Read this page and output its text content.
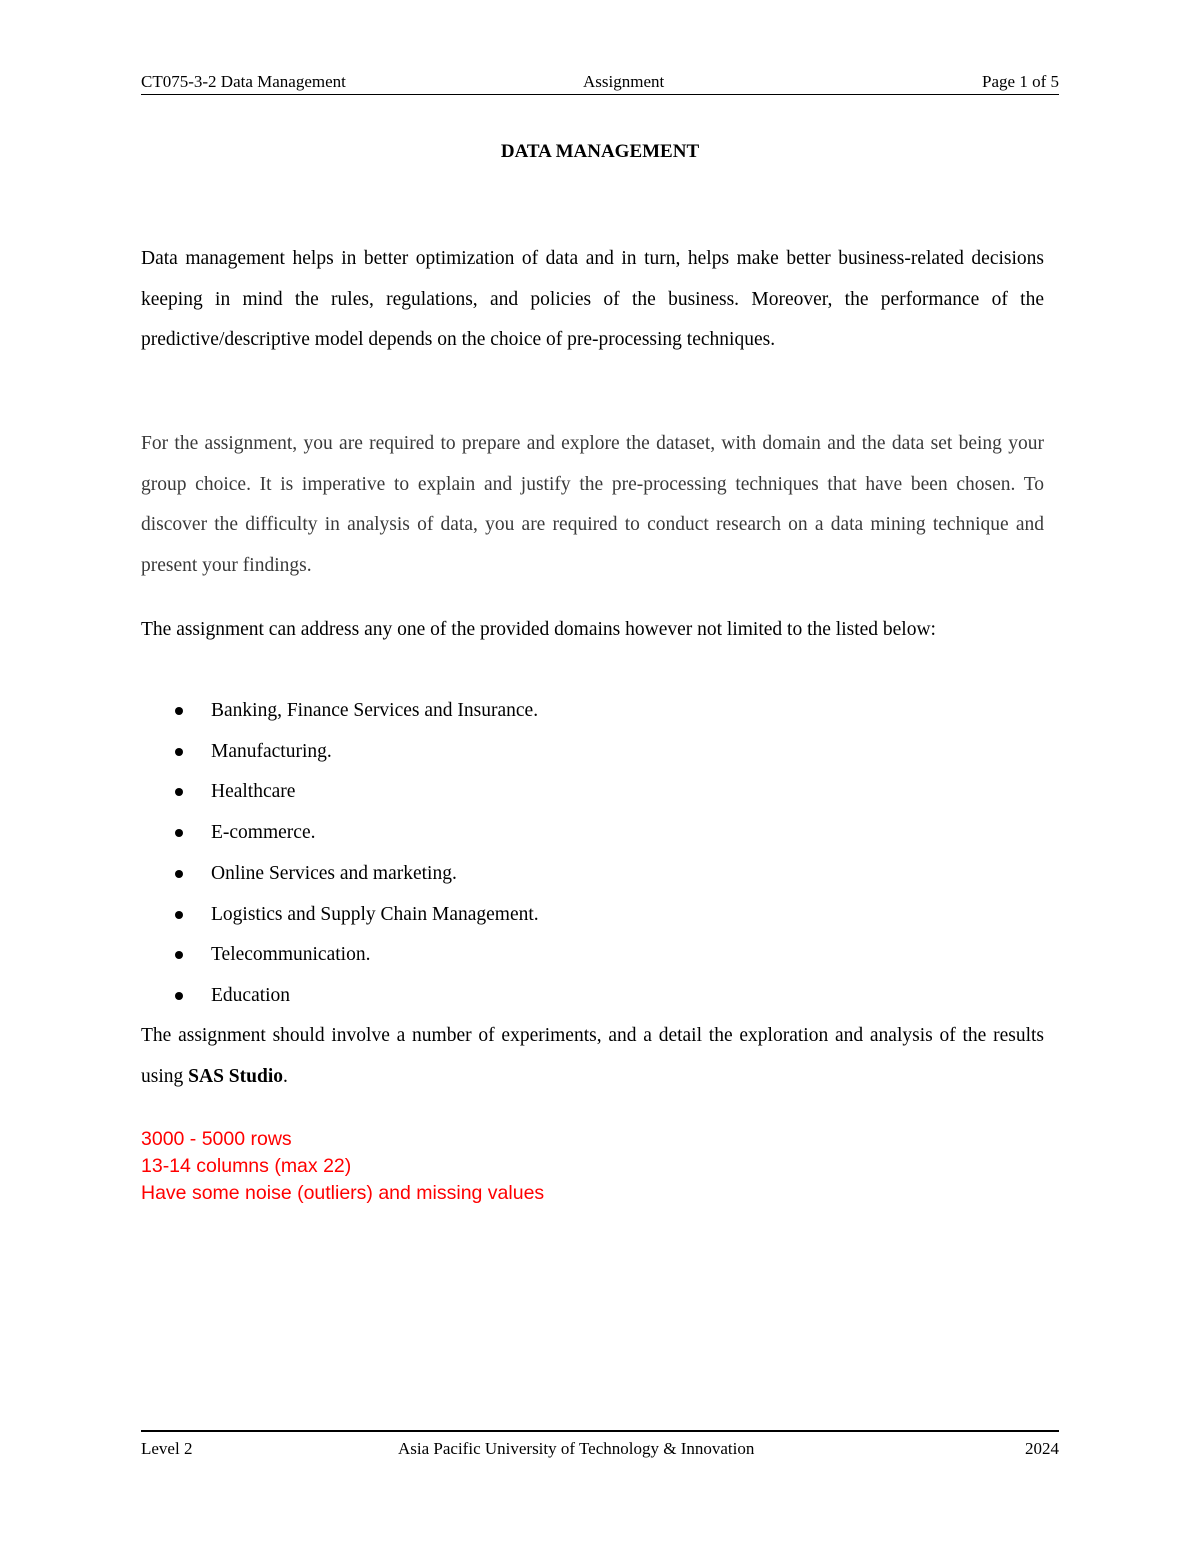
CT075-3-2 Data Management	Assignment	Page 1 of 5
DATA MANAGEMENT

Data management helps in better optimization of data and in turn, helps make better business-related decisions keeping in mind the rules, regulations, and policies of the business. Moreover, the performance of the predictive/descriptive model depends on the choice of pre-processing techniques.

For the assignment, you are required to prepare and explore the dataset, with domain and the data set being your group choice. It is imperative to explain and justify the pre-processing techniques that have been chosen. To discover the difficulty in analysis of data, you are required to conduct research on a data mining technique and present your findings.

The assignment can address any one of the provided domains however not limited to the listed below:

Banking, Finance Services and Insurance.
Manufacturing.
Healthcare
E-commerce.
Online Services and marketing.
Logistics and Supply Chain Management.
Telecommunication.
Education

The assignment should involve a number of experiments, and a detail the exploration and analysis of the results using SAS Studio.

3000 - 5000 rows
13-14 columns (max 22)
Have some noise (outliers) and missing values
Level 2	Asia Pacific University of Technology & Innovation	2024
